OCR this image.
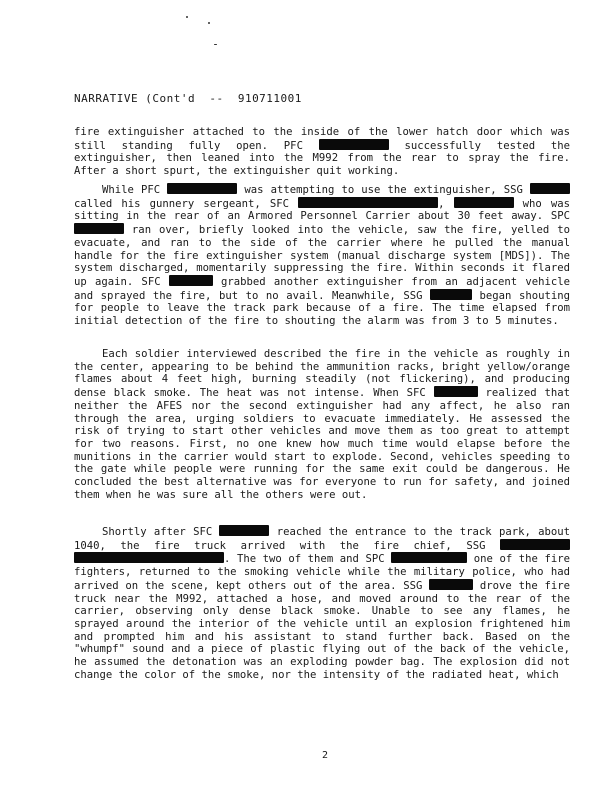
NARRATIVE (Cont'd  --  910711001

fire extinguisher attached to the inside of the lower hatch door which was still standing fully open. PFC	successfully tested the extinguisher, then leaned into the M992 from the rear to spray the fire. After a short spurt, the extinguisher quit working.

While PFC	was attempting to use the extinguisher, SSG  called his gunnery sergeant, SFC	,	who was sitting in the rear of an Armored Personnel Carrier about 30 feet away. SPC  ran over, briefly looked into the vehicle, saw the fire, yelled to evacuate, and ran to the side of the carrier where he pulled the manual handle for the fire extinguisher system (manual discharge system [MDS]). The system discharged, momentarily suppressing the fire. Within seconds it flared up again. SFC	grabbed another extinguisher from an adjacent vehicle and sprayed the fire, but to no avail. Meanwhile, SSG	began shouting for people to leave the track park because of a fire. The time elapsed from initial detection of the fire to shouting the alarm was from 3 to 5 minutes.

Each soldier interviewed described the fire in the vehicle as roughly in the center, appearing to be behind the ammunition racks, bright yellow/orange flames about 4 feet high, burning steadily (not flickering), and producing dense black smoke. The heat was not intense. When SFC	realized that neither the AFES nor the second extinguisher had any affect, he also ran through the area, urging soldiers to evacuate immediately. He assessed the risk of trying to start other vehicles and move them as too great to attempt for two reasons. First, no one knew how much time would elapse before the munitions in the carrier would start to explode. Second, vehicles speeding to the gate while people were running for the same exit could be dangerous. He concluded the best alternative was for everyone to run for safety, and joined them when he was sure all the others were out.

Shortly after SFC	reached the entrance to the track park, about 1040, the fire truck arrived with the fire chief, SSG  . The two of them and SPC	one of the fire fighters, returned to the smoking vehicle while the military police, who had arrived on the scene, kept others out of the area. SSG	drove the fire truck near the M992, attached a hose, and moved around to the rear of the carrier, observing only dense black smoke. Unable to see any flames, he sprayed around the interior of the vehicle until an explosion frightened him and prompted him and his assistant to stand further back. Based on the "whumpf" sound and a piece of plastic flying out of the back of the vehicle, he assumed the detonation was an exploding powder bag. The explosion did not change the color of the smoke, nor the intensity of the radiated heat, which

2
